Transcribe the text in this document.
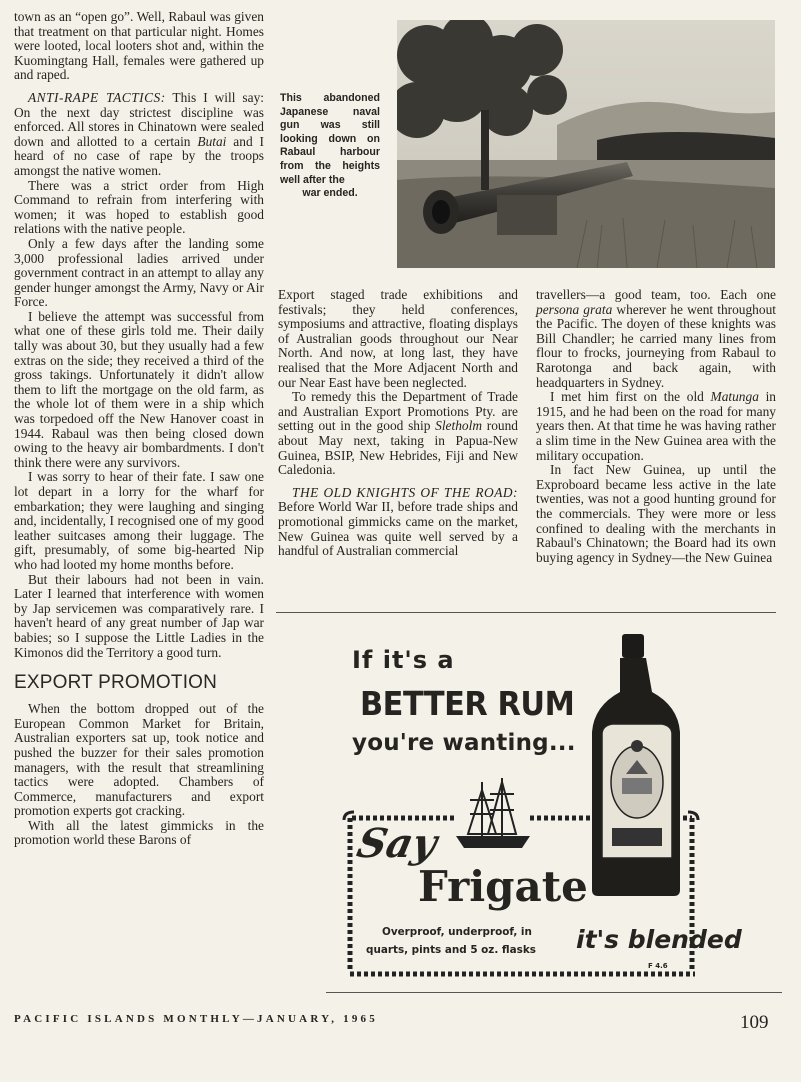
town as an “open go”. Well, Rabaul was given that treatment on that particular night. Homes were looted, local looters shot and, within the Kuomingtang Hall, females were gathered up and raped.

ANTI-RAPE TACTICS: This I will say: On the next day strictest discipline was enforced. All stores in Chinatown were sealed down and allotted to a certain Butai and I heard of no case of rape by the troops amongst the native women.

There was a strict order from High Command to refrain from interfering with women; it was hoped to establish good relations with the native people.

Only a few days after the landing some 3,000 professional ladies arrived under government contract in an attempt to allay any gender hunger amongst the Army, Navy or Air Force.

I believe the attempt was successful from what one of these girls told me. Their daily tally was about 30, but they usually had a few extras on the side; they received a third of the gross takings. Unfortunately it didn't allow them to lift the mortgage on the old farm, as the whole lot of them were in a ship which was torpedoed off the New Hanover coast in 1944. Rabaul was then being closed down owing to the heavy air bombardments. I don't think there were any survivors.

I was sorry to hear of their fate. I saw one lot depart in a lorry for the wharf for embarkation; they were laughing and singing and, incidentally, I recognised one of my good leather suitcases among their luggage. The gift, presumably, of some big-hearted Nip who had looted my home months before.

But their labours had not been in vain. Later I learned that interference with women by Jap servicemen was comparatively rare. I haven't heard of any great number of Jap war babies; so I suppose the Little Ladies in the Kimonos did the Territory a good turn.

EXPORT PROMOTION

When the bottom dropped out of the European Common Market for Britain, Australian exporters sat up, took notice and pushed the buzzer for their sales promotion managers, with the result that streamlining tactics were adopted. Chambers of Commerce, manufacturers and export promotion experts got cracking.

With all the latest gimmicks in the promotion world these Barons of

This abandoned Japanese naval gun was still looking down on Rabaul harbour from the heights well after the
war ended.

Export staged trade exhibitions and festivals; they held conferences, symposiums and attractive, floating displays of Australian goods throughout our Near North. And now, at long last, they have realised that the More Adjacent North and our Near East have been neglected.

To remedy this the Department of Trade and Australian Export Promotions Pty. are setting out in the good ship Sletholm round about May next, taking in Papua-New Guinea, BSIP, New Hebrides, Fiji and New Caledonia.

THE OLD KNIGHTS OF THE ROAD: Before World War II, before trade ships and promotional gimmicks came on the market, New Guinea was quite well served by a handful of Australian commercial

travellers—a good team, too. Each one persona grata wherever he went throughout the Pacific. The doyen of these knights was Bill Chandler; he carried many lines from flour to frocks, journeying from Rabaul to Rarotonga and back again, with headquarters in Sydney.

I met him first on the old Matunga in 1915, and he had been on the road for many years then. At that time he was having rather a slim time in the New Guinea area with the military occupation.

In fact New Guinea, up until the Exproboard became less active in the late twenties, was not a good hunting ground for the commercials. They were more or less confined to dealing with the merchants in Rabaul's Chinatown; the Board had its own buying agency in Sydney—the New Guinea

If it's a
BETTER RUM
you're wanting...
Say
Frigate
Overproof, underproof, in
quarts, pints and 5 oz. flasks it's blended
F 4.6
PACIFIC ISLANDS MONTHLY—JANUARY, 1965	109
